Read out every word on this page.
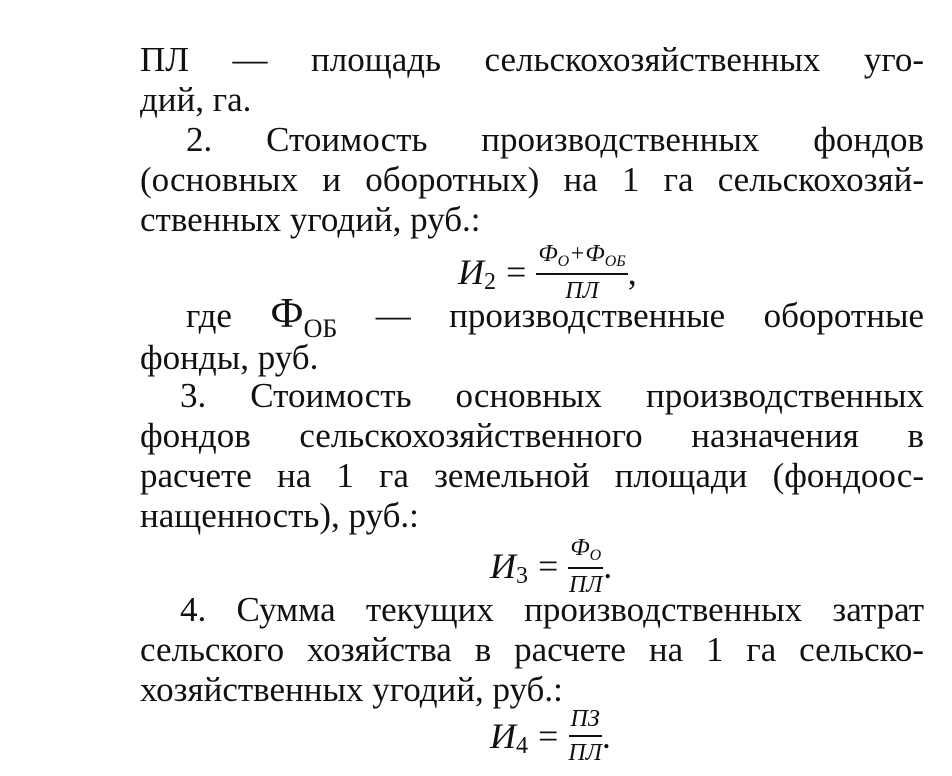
ПЛ — площадь сельскохозяйственных уго-
дий, га.
2. Стоимость производственных фондов
(основных и оборотных) на 1 га сельскохозяй-
ственных угодий, руб.:
И $2 = \frac{Ф_О+Ф_{ОБ}}{ПЛ}$ ,
где $Ф_{ОБ}$ — производственные оборотные
фонды, руб.
3. Стоимость основных производственных
фондов сельскохозяйственного назначения в
расчете на 1 га земельной площади (фондоос-
нащенность), руб.:
И $3 = \frac{Ф_О}{ПЛ}$ .
4. Сумма текущих производственных затрат
сельского хозяйства в расчете на 1 га сельско-
хозяйственных угодий, руб.:
И $4 = \frac{ПЗ}{ПЛ}$ .
